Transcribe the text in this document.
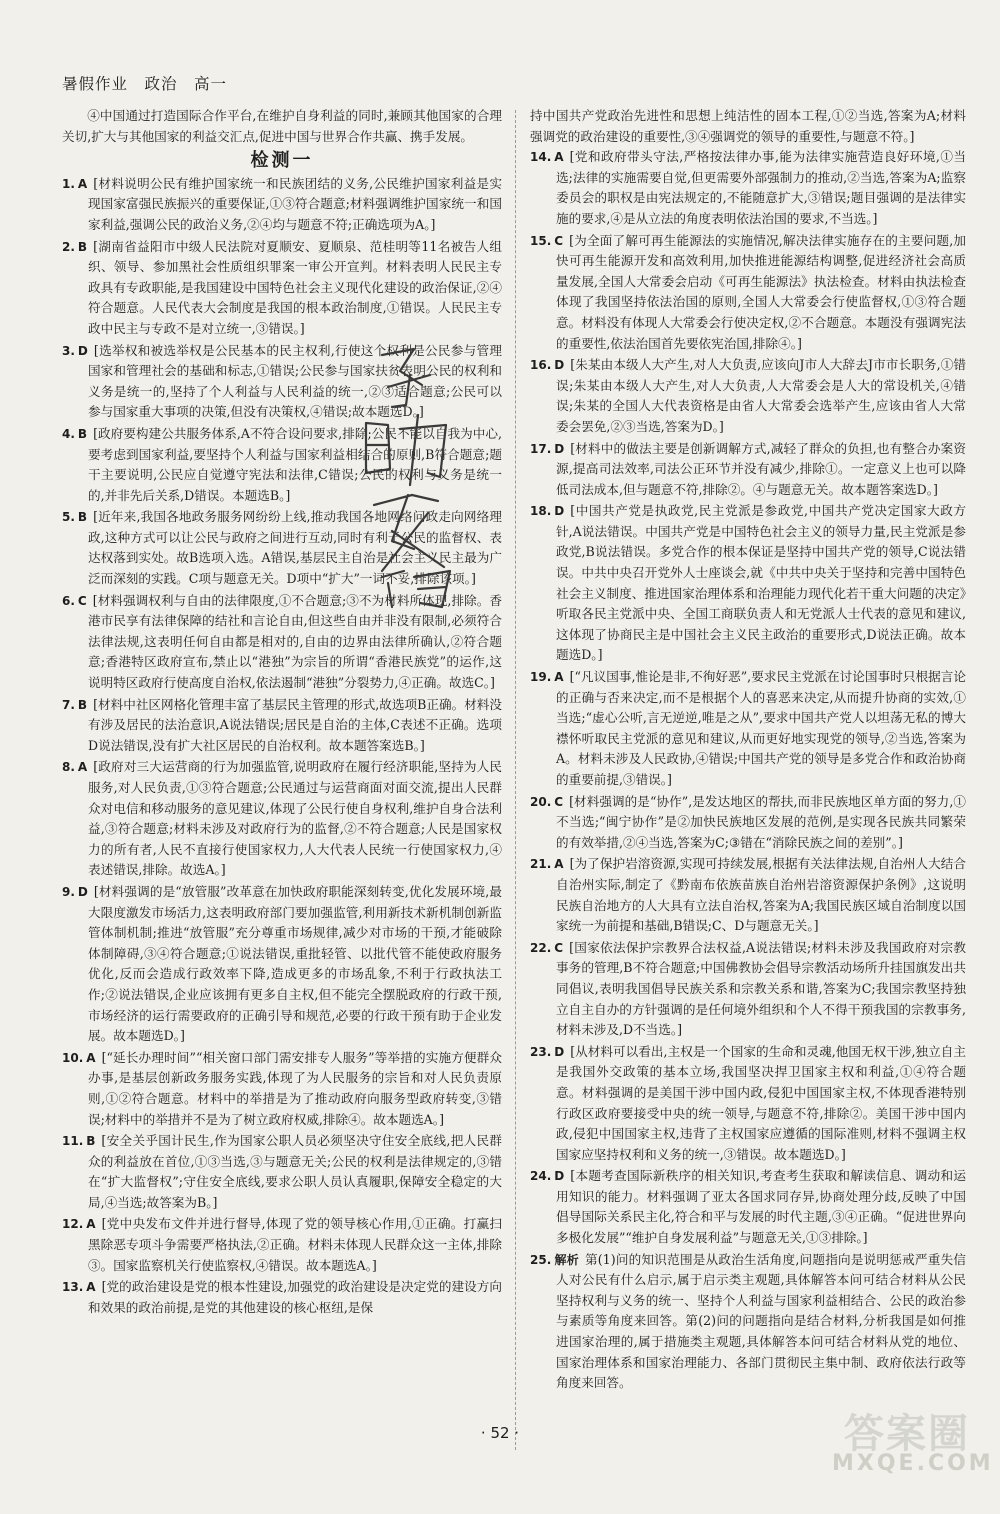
暑假作业　政治　高一

④中国通过打造国际合作平台,在维护自身利益的同时,兼顾其他国家的合理关切,扩大与其他国家的利益交汇点,促进中国与世界合作共赢、携手发展。

检测一

1. A [材料说明公民有维护国家统一和民族团结的义务,公民维护国家利益是实现国家富强民族振兴的重要保证,①③符合题意;材料强调维护国家统一和国家利益,强调公民的政治义务,②④均与题意不符;正确选项为A。]

2. B [湖南省益阳市中级人民法院对夏顺安、夏顺泉、范桂明等11名被告人组织、领导、参加黑社会性质组织罪案一审公开宣判。材料表明人民民主专政具有专政职能,是我国建设中国特色社会主义现代化建设的政治保证,②④符合题意。人民代表大会制度是我国的根本政治制度,①错误。人民民主专政中民主与专政不是对立统一,③错误。]

3. D [选举权和被选举权是公民基本的民主权利,行使这个权利是公民参与管理国家和管理社会的基础和标志,①错误;公民参与国家扶贫表明公民的权利和义务是统一的,坚持了个人利益与人民利益的统一,②③适合题意;公民可以参与国家重大事项的决策,但没有决策权,④错误;故本题选D。]

4. B [政府要构建公共服务体系,A不符合设问要求,排除;公民不能以自我为中心,要考虑到国家利益,要坚持个人利益与国家利益相结合的原则,B符合题意;题干主要说明,公民应自觉遵守宪法和法律,C错误;公民的权利与义务是统一的,并非先后关系,D错误。本题选B。]

5. B [近年来,我国各地政务服务网纷纷上线,推动我国各地网络问政走向网络理政,这种方式可以让公民与政府之间进行互动,同时有利于公民的监督权、表达权落到实处。故B选项入选。A错误,基层民主自治是社会主义民主最为广泛而深刻的实践。C项与题意无关。D项中“扩大”一词不妥,排除该项。]

6. C [材料强调权利与自由的法律限度,①不合题意;③不为材料所体现,排除。香港市民享有法律保障的结社和言论自由,但这些自由并非没有限制,必须符合法律法规,这表明任何自由都是相对的,自由的边界由法律所确认,②符合题意;香港特区政府宣布,禁止以“港独”为宗旨的所谓“香港民族党”的运作,这说明特区政府行使高度自治权,依法遏制“港独”分裂势力,④正确。故选C。]

7. B [材料中社区网格化管理丰富了基层民主管理的形式,故选项B正确。材料没有涉及居民的法治意识,A说法错误;居民是自治的主体,C表述不正确。选项D说法错误,没有扩大社区居民的自治权利。故本题答案选B。]

8. A [政府对三大运营商的行为加强监管,说明政府在履行经济职能,坚持为人民服务,对人民负责,①③符合题意;公民通过与运营商面对面交流,提出人民群众对电信和移动服务的意见建议,体现了公民行使自身权利,维护自身合法利益,③符合题意;材料未涉及对政府行为的监督,②不符合题意;人民是国家权力的所有者,人民不直接行使国家权力,人大代表人民统一行使国家权力,④表述错误,排除。故选A。]

9. D [材料强调的是“放管服”改革意在加快政府职能深刻转变,优化发展环境,最大限度激发市场活力,这表明政府部门要加强监管,利用新技术新机制创新监管体制机制;推进“放管服”充分尊重市场规律,减少对市场的干预,才能破除体制障碍,③④符合题意;①说法错误,重批轻管、以批代管不能使政府服务优化,反而会造成行政效率下降,造成更多的市场乱象,不利于行政执法工作;②说法错误,企业应该拥有更多自主权,但不能完全摆脱政府的行政干预,市场经济的运行需要政府的正确引导和规范,必要的行政干预有助于企业发展。故本题选D。]

10. A [“延长办理时间”“相关窗口部门需安排专人服务”等举措的实施方便群众办事,是基层创新政务服务实践,体现了为人民服务的宗旨和对人民负责原则,①②符合题意。材料中的举措是为了推动政府向服务型政府转变,③错误;材料中的举措并不是为了树立政府权威,排除④。故本题选A。]

11. B [安全关乎国计民生,作为国家公职人员必须坚决守住安全底线,把人民群众的利益放在首位,①③当选,③与题意无关;公民的权利是法律规定的,③错在“扩大监督权”;守住安全底线,要求公职人员认真履职,保障安全稳定的大局,④当选;故答案为B。]

12. A [党中央发布文件并进行督导,体现了党的领导核心作用,①正确。打赢扫黑除恶专项斗争需要严格执法,②正确。材料未体现人民群众这一主体,排除③。国家监察机关行使监察权,④错误。故本题选A。]

13. A [党的政治建设是党的根本性建设,加强党的政治建设是决定党的建设方向和效果的政治前提,是党的其他建设的核心枢纽,是保

持中国共产党政治先进性和思想上纯洁性的固本工程,①②当选,答案为A;材料强调党的政治建设的重要性,③④强调党的领导的重要性,与题意不符。]

14. A [党和政府带头守法,严格按法律办事,能为法律实施营造良好环境,①当选;法律的实施需要自觉,但更需要外部强制力的推动,②当选,答案为A;监察委员会的职权是由宪法规定的,不能随意扩大,③错误;题目强调的是法律实施的要求,④是从立法的角度表明依法治国的要求,不当选。]

15. C [为全面了解可再生能源法的实施情况,解决法律实施存在的主要问题,加快可再生能源开发和高效利用,加快推进能源结构调整,促进经济社会高质量发展,全国人大常委会启动《可再生能源法》执法检查。材料由执法检查体现了我国坚持依法治国的原则,全国人大常委会行使监督权,①③符合题意。材料没有体现人大常委会行使决定权,②不合题意。本题没有强调宪法的重要性,依法治国首先要依宪治国,排除④。]

16. D [朱某由本级人大产生,对人大负责,应该向J市人大辞去J市市长职务,①错误;朱某由本级人大产生,对人大负责,人大常委会是人大的常设机关,④错误;朱某的全国人大代表资格是由省人大常委会选举产生,应该由省人大常委会罢免,②③当选,答案为D。]

17. D [材料中的做法主要是创新调解方式,减轻了群众的负担,也有整合办案资源,提高司法效率,司法公正环节并没有减少,排除①。一定意义上也可以降低司法成本,但与题意不符,排除②。④与题意无关。故本题答案选D。]

18. D [中国共产党是执政党,民主党派是参政党,中国共产党决定国家大政方针,A说法错误。中国共产党是中国特色社会主义的领导力量,民主党派是参政党,B说法错误。多党合作的根本保证是坚持中国共产党的领导,C说法错误。中共中央召开党外人士座谈会,就《中共中央关于坚持和完善中国特色社会主义制度、推进国家治理体系和治理能力现代化若干重大问题的决定》听取各民主党派中央、全国工商联负责人和无党派人士代表的意见和建议,这体现了协商民主是中国社会主义民主政治的重要形式,D说法正确。故本题选D。]

19. A [“凡议国事,惟论是非,不徇好恶”,要求民主党派在讨论国事时只根据言论的正确与否来决定,而不是根据个人的喜恶来决定,从而提升协商的实效,①当选;“虚心公听,言无逆逆,唯是之从”,要求中国共产党人以坦荡无私的博大襟怀听取民主党派的意见和建议,从而更好地实现党的领导,②当选,答案为A。材料未涉及人民政协,④错误;中国共产党的领导是多党合作和政治协商的重要前提,③错误。]

20. C [材料强调的是“协作”,是发达地区的帮扶,而非民族地区单方面的努力,①不当选;“闽宁协作”是②加快民族地区发展的范例,是实现各民族共同繁荣的有效举措,②④当选,答案为C;③错在“消除民族之间的差别”。]

21. A [为了保护岩溶资源,实现可持续发展,根据有关法律法规,自治州人大结合自治州实际,制定了《黔南布依族苗族自治州岩溶资源保护条例》,这说明民族自治地方的人大具有立法自治权,答案为A;我国民族区域自治制度以国家统一为前提和基础,B错误;C、D与题意无关。]

22. C [国家依法保护宗教界合法权益,A说法错误;材料未涉及我国政府对宗教事务的管理,B不符合题意;中国佛教协会倡导宗教活动场所升挂国旗发出共同倡议,表明我国倡导民族关系和宗教关系和谐,答案为C;我国宗教坚持独立自主自办的方针强调的是任何境外组织和个人不得干预我国的宗教事务,材料未涉及,D不当选。]

23. D [从材料可以看出,主权是一个国家的生命和灵魂,他国无权干涉,独立自主是我国外交政策的基本立场,我国坚决捍卫国家主权和利益,①④符合题意。材料强调的是美国干涉中国内政,侵犯中国国家主权,不体现香港特别行政区政府要接受中央的统一领导,与题意不符,排除②。美国干涉中国内政,侵犯中国国家主权,违背了主权国家应遵循的国际准则,材料不强调主权国家应坚持权利和义务的统一,③错误。故本题选D。]

24. D [本题考查国际新秩序的相关知识,考查考生获取和解读信息、调动和运用知识的能力。材料强调了亚太各国求同存异,协商处理分歧,反映了中国倡导国际关系民主化,符合和平与发展的时代主题,③④正确。“促进世界向多极化发展”“维护自身发展利益”与题意无关,①③排除。]

25. 解析 第(1)问的知识范围是从政治生活角度,问题指向是说明惩戒严重失信人对公民有什么启示,属于启示类主观题,具体解答本问可结合材料从公民坚持权利与义务的统一、坚持个人利益与国家利益相结合、公民的政治参与素质等角度来回答。第(2)问的问题指向是结合材料,分析我国是如何推进国家治理的,属于措施类主观题,具体解答本问可结合材料从党的地位、国家治理体系和国家治理能力、各部门贯彻民主集中制、政府依法行政等角度来回答。

· 52 ·	答案圈
MXQE.COM
